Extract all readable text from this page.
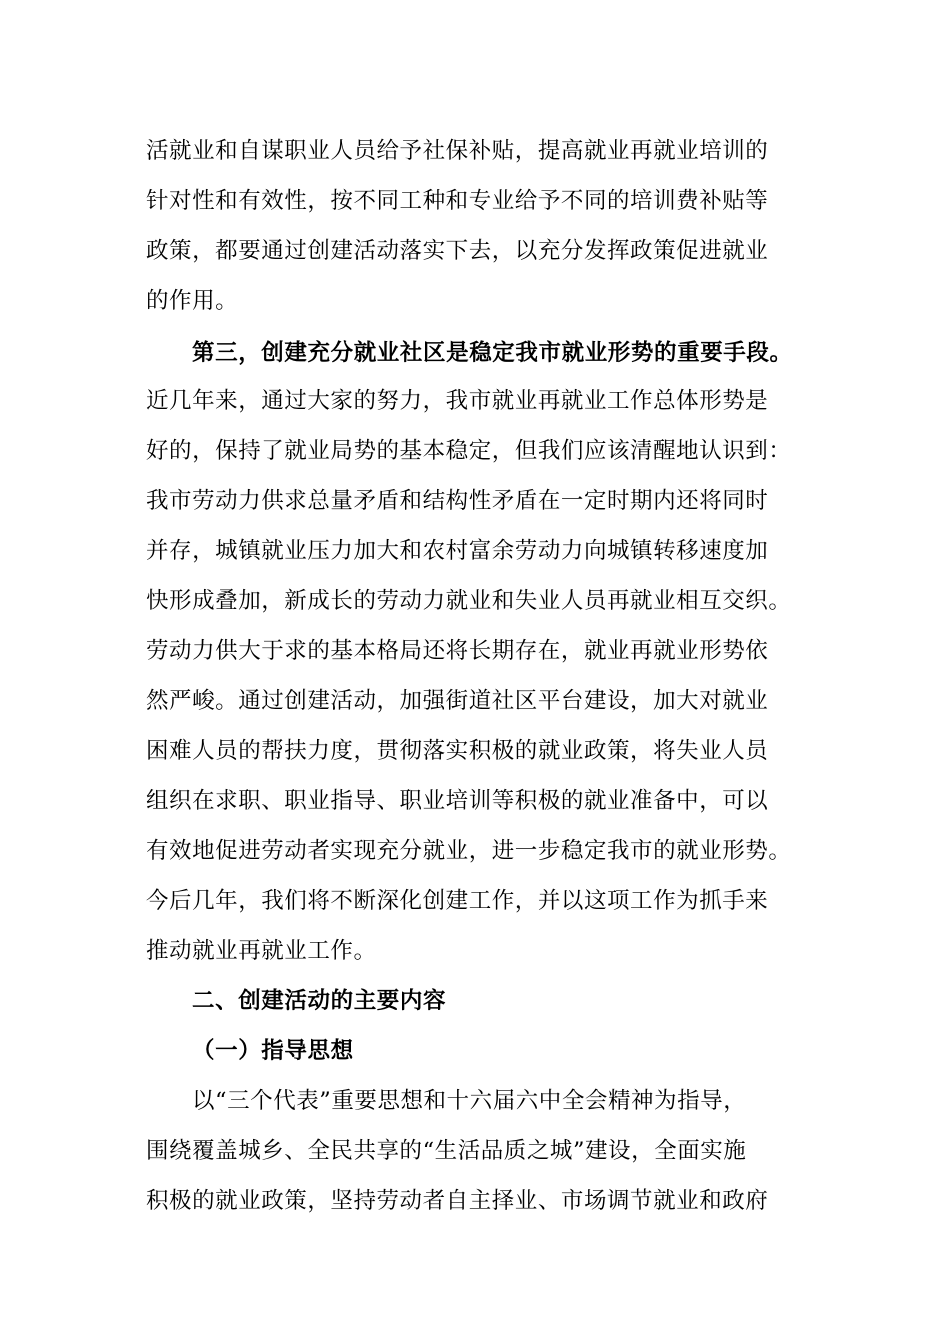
活就业和自谋职业人员给予社保补贴，提高就业再就业培训的
针对性和有效性，按不同工种和专业给予不同的培训费补贴等
政策，都要通过创建活动落实下去，以充分发挥政策促进就业
的作用。
第三，创建充分就业社区是稳定我市就业形势的重要手段。
近几年来，通过大家的努力，我市就业再就业工作总体形势是
好的，保持了就业局势的基本稳定，但我们应该清醒地认识到：
我市劳动力供求总量矛盾和结构性矛盾在一定时期内还将同时
并存，城镇就业压力加大和农村富余劳动力向城镇转移速度加
快形成叠加，新成长的劳动力就业和失业人员再就业相互交织。
劳动力供大于求的基本格局还将长期存在，就业再就业形势依
然严峻。通过创建活动，加强街道社区平台建设，加大对就业
困难人员的帮扶力度，贯彻落实积极的就业政策，将失业人员
组织在求职、职业指导、职业培训等积极的就业准备中，可以
有效地促进劳动者实现充分就业，进一步稳定我市的就业形势。
今后几年，我们将不断深化创建工作，并以这项工作为抓手来
推动就业再就业工作。
二、创建活动的主要内容
（一）指导思想
以“三个代表”重要思想和十六届六中全会精神为指导，
围绕覆盖城乡、全民共享的“生活品质之城”建设，全面实施
积极的就业政策，坚持劳动者自主择业、市场调节就业和政府
